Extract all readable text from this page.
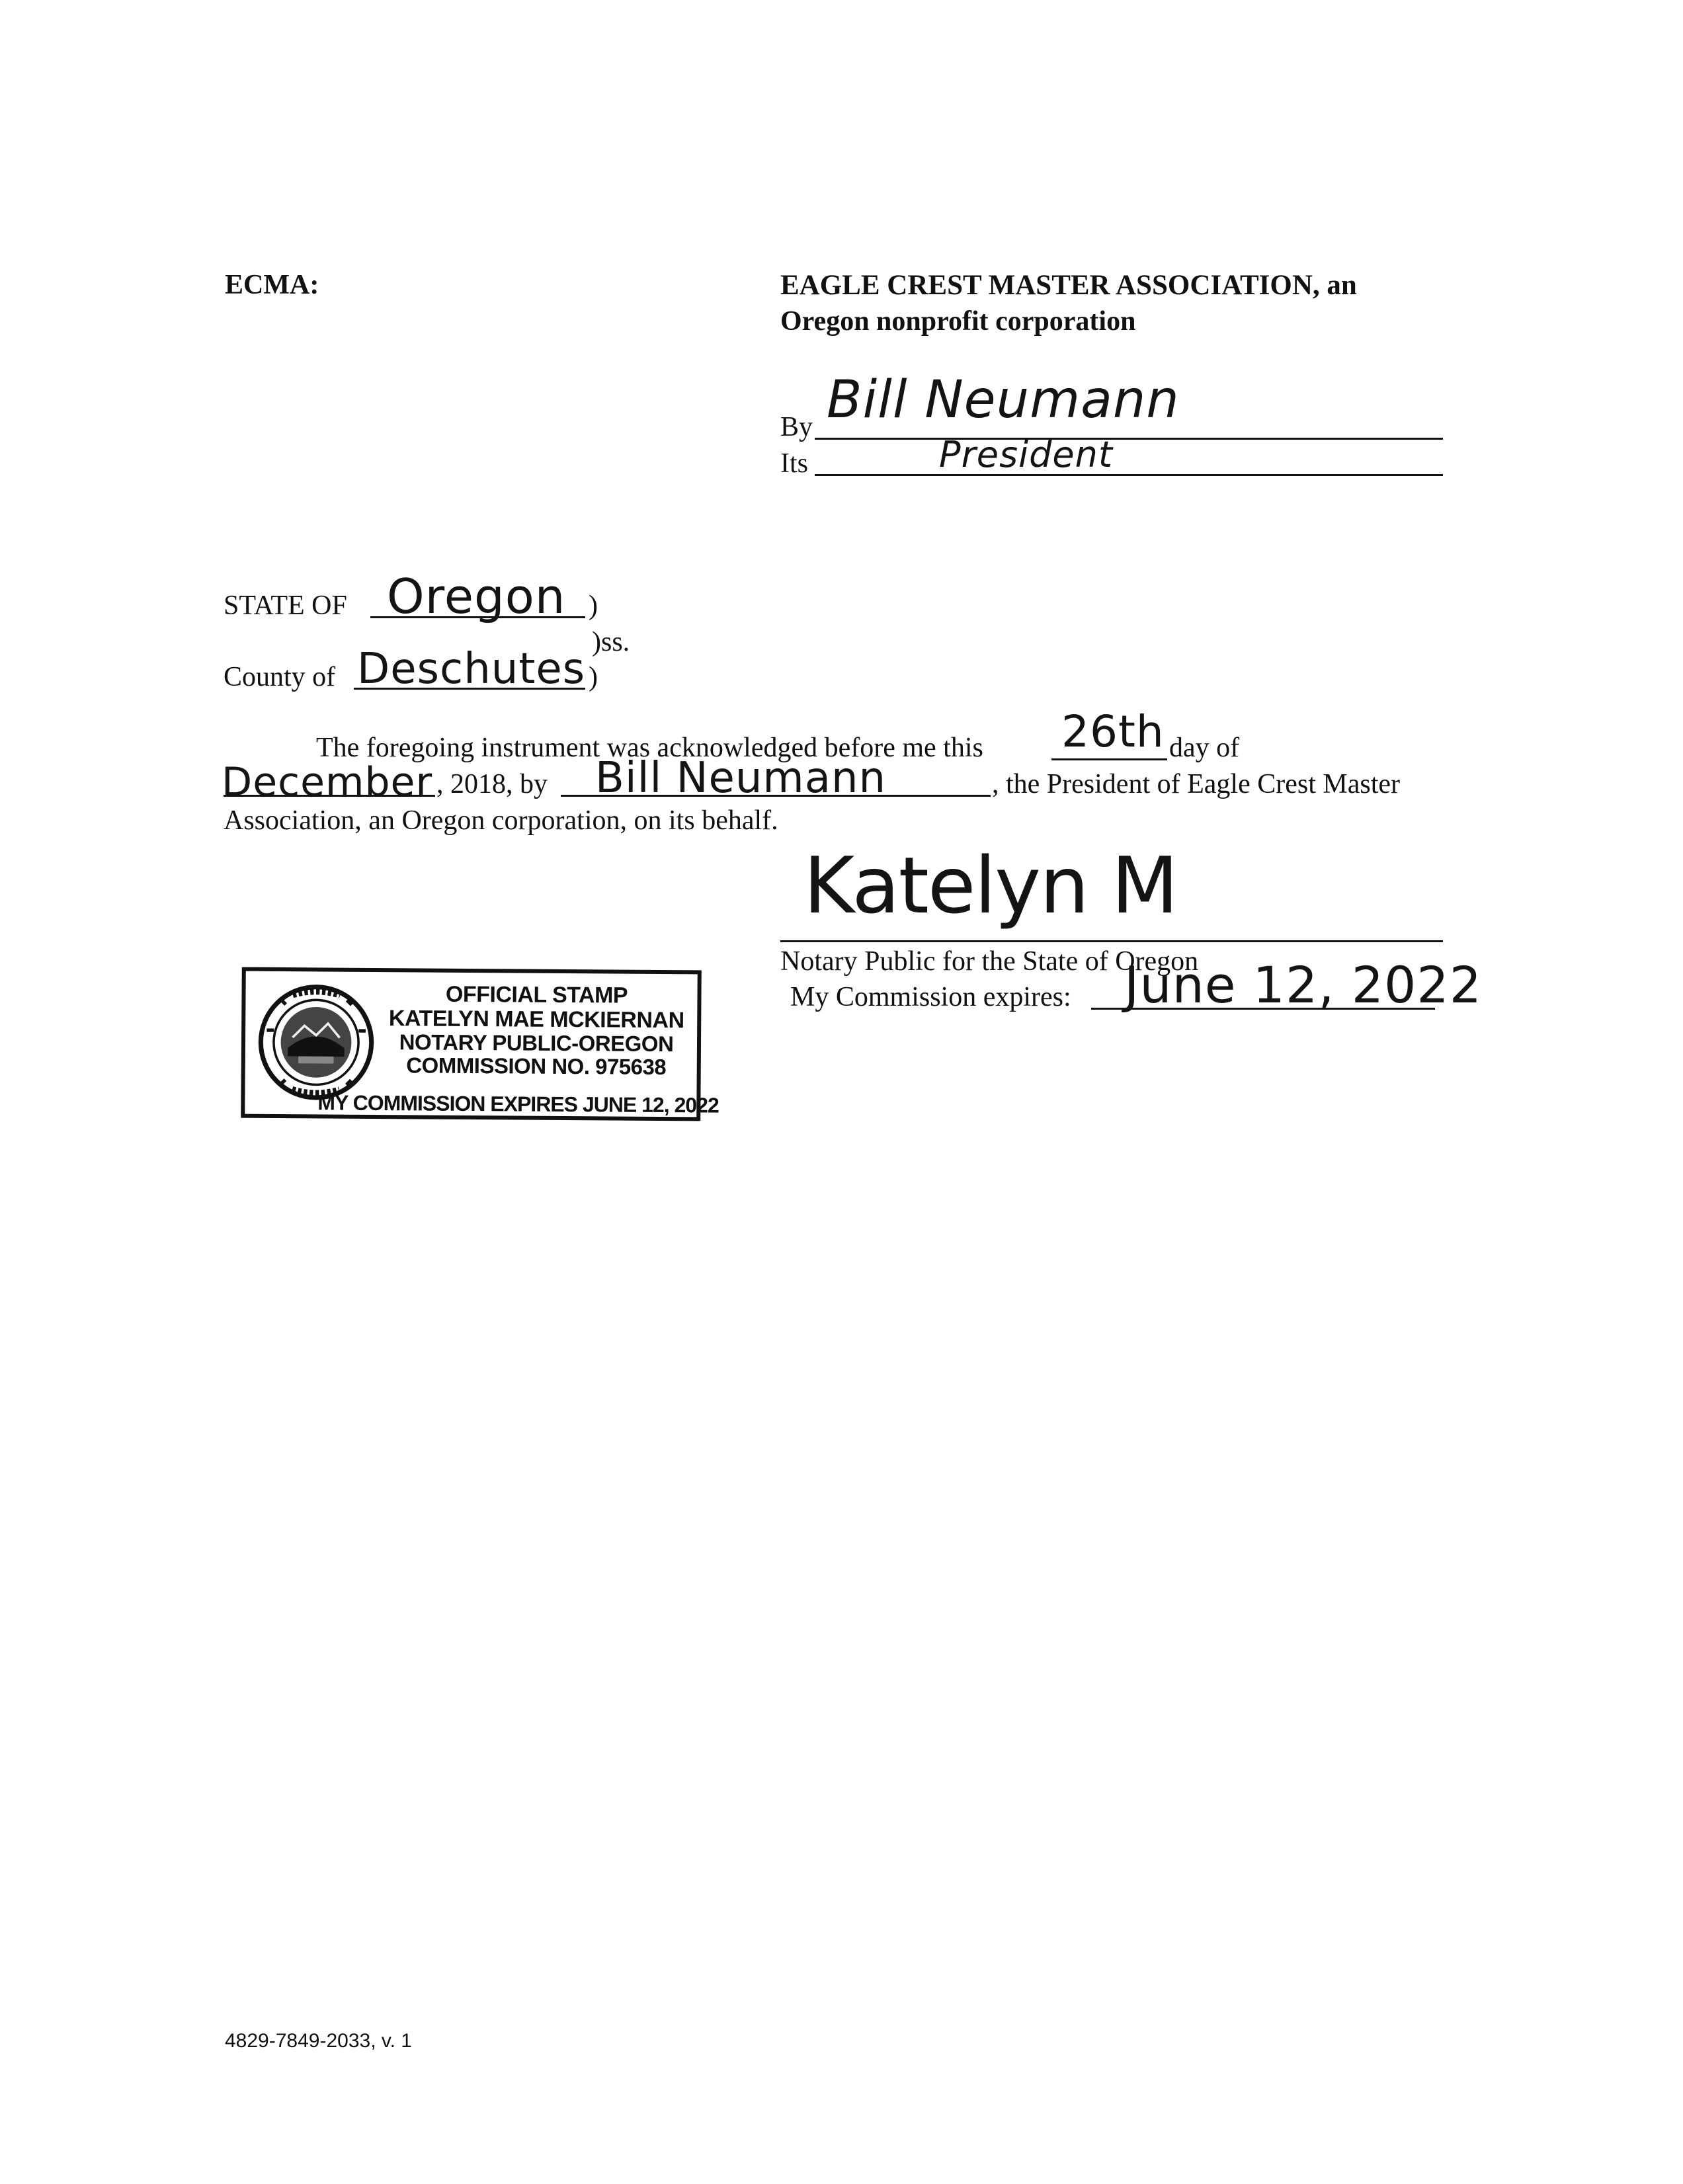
ECMA:	EAGLE CREST MASTER ASSOCIATION, an
Oregon nonprofit corporation
By Bill Neumann
Its	President
STATE OF Oregon )
)ss.
County of Deschutes )
The foregoing instrument was acknowledged before me this 26th day of
December , 2018, by Bill Neumann	, the President of Eagle Crest Master
Association, an Oregon corporation, on its behalf.
Katelyn M
Notary Public for the State of Oregon
My Commission expires: June 12, 2022
OFFICIAL STAMP
KATELYN MAE MCKIERNAN
NOTARY PUBLIC-OREGON
COMMISSION NO. 975638
MY COMMISSION EXPIRES JUNE 12, 2022
4829-7849-2033, v. 1
